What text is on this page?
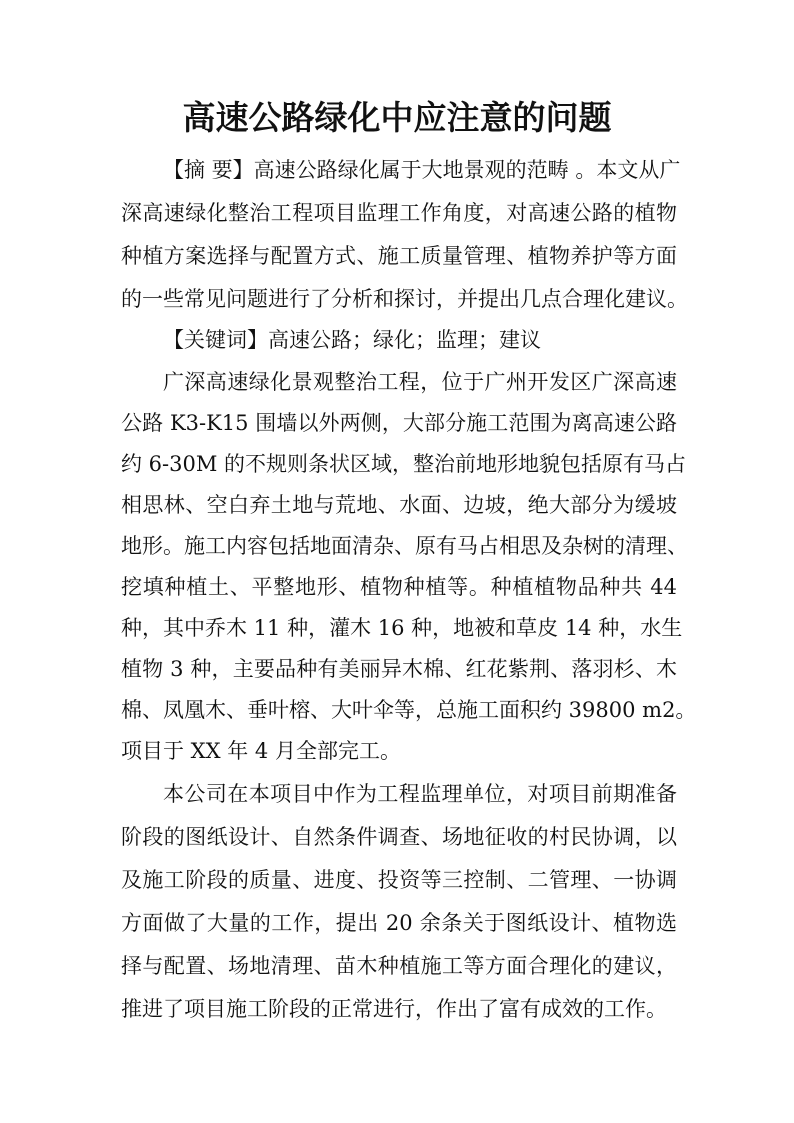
高速公路绿化中应注意的问题
【摘 要】高速公路绿化属于大地景观的范畴 。本文从广
深高速绿化整治工程项目监理工作角度，对高速公路的植物
种植方案选择与配置方式、施工质量管理、植物养护等方面
的一些常见问题进行了分析和探讨，并提出几点合理化建议。
【关键词】高速公路；绿化；监理；建议
广深高速绿化景观整治工程，位于广州开发区广深高速
公路 K3-K15 围墙以外两侧，大部分施工范围为离高速公路
约 6-30M 的不规则条状区域，整治前地形地貌包括原有马占
相思林、空白弃土地与荒地、水面、边坡，绝大部分为缓坡
地形。施工内容包括地面清杂、原有马占相思及杂树的清理、
挖填种植土、平整地形、植物种植等。种植植物品种共 44
种，其中乔木 11 种，灌木 16 种，地被和草皮 14 种，水生
植物 3 种，主要品种有美丽异木棉、红花紫荆、落羽杉、木
棉、凤凰木、垂叶榕、大叶伞等，总施工面积约 39800 m2。
项目于 XX 年 4 月全部完工。
本公司在本项目中作为工程监理单位，对项目前期准备
阶段的图纸设计、自然条件调查、场地征收的村民协调，以
及施工阶段的质量、进度、投资等三控制、二管理、一协调
方面做了大量的工作，提出 20 余条关于图纸设计、植物选
择与配置、场地清理、苗木种植施工等方面合理化的建议，
推进了项目施工阶段的正常进行，作出了富有成效的工作。
